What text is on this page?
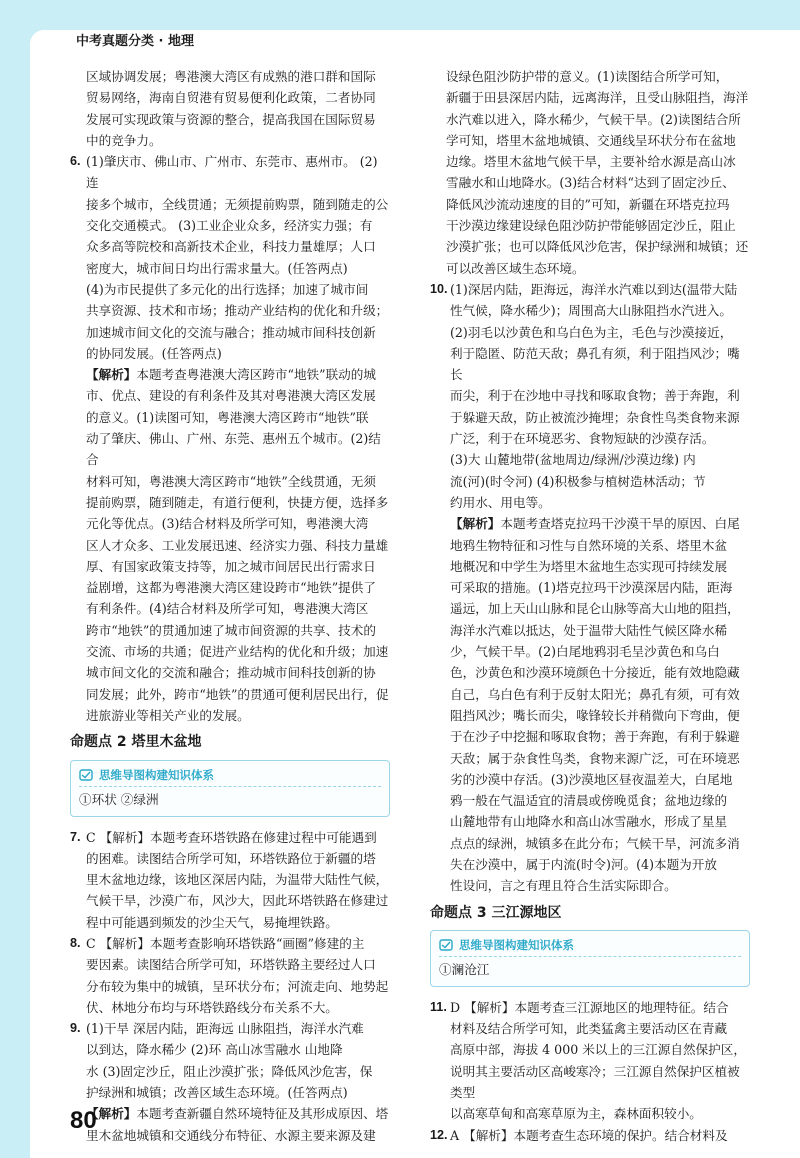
中考真题分类 · 地理
区域协调发展；粤港澳大湾区有成熟的港口群和国际
贸易网络，海南自贸港有贸易便利化政策，二者协同
发展可实现政策与资源的整合，提高我国在国际贸易
中的竞争力。
6. (1)肇庆市、佛山市、广州市、东莞市、惠州市。 (2)连
接多个城市，全线贯通；无须提前购票，随到随走的公
交化交通模式。 (3)工业企业众多，经济实力强；有
众多高等院校和高新技术企业，科技力量雄厚；人口
密度大，城市间日均出行需求量大。(任答两点)
(4)为市民提供了多元化的出行选择；加速了城市间
共享资源、技术和市场；推动产业结构的优化和升级；
加速城市间文化的交流与融合；推动城市间科技创新
的协同发展。(任答两点)
【解析】本题考查粤港澳大湾区跨市“地铁”联动的城
市、优点、建设的有利条件及其对粤港澳大湾区发展
的意义。(1)读图可知，粤港澳大湾区跨市“地铁”联
动了肇庆、佛山、广州、东莞、惠州五个城市。(2)结合
材料可知，粤港澳大湾区跨市“地铁”全线贯通，无须
提前购票，随到随走，有道行便利，快捷方便，选择多
元化等优点。(3)结合材料及所学可知，粤港澳大湾
区人才众多、工业发展迅速、经济实力强、科技力量雄
厚、有国家政策支持等，加之城市间居民出行需求日
益剧增，这都为粤港澳大湾区建设跨市“地铁”提供了
有利条件。(4)结合材料及所学可知，粤港澳大湾区
跨市“地铁”的贯通加速了城市间资源的共享、技术的
交流、市场的共通；促进产业结构的优化和升级；加速
城市间文化的交流和融合；推动城市间科技创新的协
同发展；此外，跨市“地铁”的贯通可便利居民出行，促
进旅游业等相关产业的发展。
命题点 2 塔里木盆地
思维导图构建知识体系
①环状 ②绿洲
7. C 【解析】本题考查环塔铁路在修建过程中可能遇到
的困难。读图结合所学可知，环塔铁路位于新疆的塔
里木盆地边缘，该地区深居内陆，为温带大陆性气候，
气候干旱，沙漠广布，风沙大，因此环塔铁路在修建过
程中可能遇到频发的沙尘天气，易掩埋铁路。
8. C 【解析】本题考查影响环塔铁路“画圈”修建的主
要因素。读图结合所学可知，环塔铁路主要经过人口
分布较为集中的城镇，呈环状分布；河流走向、地势起
伏、林地分布均与环塔铁路线分布关系不大。
9. (1)干旱 深居内陆，距海远 山脉阻挡，海洋水汽难
以到达，降水稀少 (2)环 高山冰雪融水 山地降
水 (3)固定沙丘，阻止沙漠扩张；降低风沙危害，保
护绿洲和城镇；改善区域生态环境。(任答两点)
【解析】本题考查新疆自然环境特征及其形成原因、塔
里木盆地城镇和交通线分布特征、水源主要来源及建
设绿色阻沙防护带的意义。(1)读图结合所学可知，
新疆于田县深居内陆，远离海洋，且受山脉阻挡，海洋
水汽难以进入，降水稀少，气候干旱。(2)读图结合所
学可知，塔里木盆地城镇、交通线呈环状分布在盆地
边缘。塔里木盆地气候干旱，主要补给水源是高山冰
雪融水和山地降水。(3)结合材料“达到了固定沙丘、
降低风沙流动速度的目的”可知，新疆在环塔克拉玛
干沙漠边缘建设绿色阻沙防护带能够固定沙丘，阻止
沙漠扩张；也可以降低风沙危害，保护绿洲和城镇；还
可以改善区域生态环境。
10. (1)深居内陆，距海远，海洋水汽难以到达(温带大陆
性气候，降水稀少)；周围高大山脉阻挡水汽进入。
(2)羽毛以沙黄色和乌白色为主，毛色与沙漠接近，
利于隐匿、防范天敌；鼻孔有须，利于阻挡风沙；嘴长
而尖，利于在沙地中寻找和啄取食物；善于奔跑，利
于躲避天敌，防止被流沙掩埋；杂食性鸟类食物来源
广泛，利于在环境恶劣、食物短缺的沙漠存活。
(3)大 山麓地带(盆地周边/绿洲/沙漠边缘) 内
流(河)(时令河) (4)积极参与植树造林活动；节
约用水、用电等。
【解析】本题考查塔克拉玛干沙漠干旱的原因、白尾
地鸦生物特征和习性与自然环境的关系、塔里木盆
地概况和中学生为塔里木盆地生态实现可持续发展
可采取的措施。(1)塔克拉玛干沙漠深居内陆，距海
遥远，加上天山山脉和昆仑山脉等高大山地的阻挡，
海洋水汽难以抵达，处于温带大陆性气候区降水稀
少，气候干旱。(2)白尾地鸦羽毛呈沙黄色和乌白
色，沙黄色和沙漠环境颜色十分接近，能有效地隐藏
自己，乌白色有利于反射太阳光；鼻孔有须，可有效
阻挡风沙；嘴长而尖，喙锋较长并稍微向下弯曲，便
于在沙子中挖掘和啄取食物；善于奔跑，有利于躲避
天敌；属于杂食性鸟类，食物来源广泛，可在环境恶
劣的沙漠中存活。(3)沙漠地区昼夜温差大，白尾地
鸦一般在气温适宜的清晨或傍晚觅食；盆地边缘的
山麓地带有山地降水和高山冰雪融水，形成了星星
点点的绿洲，城镇多在此分布；气候干旱，河流多消
失在沙漠中，属于内流(时令)河。(4)本题为开放
性设问，言之有理且符合生活实际即合。
命题点 3 三江源地区
思维导图构建知识体系
①澜沧江
11. D 【解析】本题考查三江源地区的地理特征。结合
材料及结合所学可知，此类猛禽主要活动区在青藏
高原中部，海拔 4 000 米以上的三江源自然保护区，
说明其主要活动区高峻寒冷；三江源自然保护区植被类型
以高寒草甸和高寒草原为主，森林面积较小。
12. A 【解析】本题考查生态环境的保护。结合材料及
80
